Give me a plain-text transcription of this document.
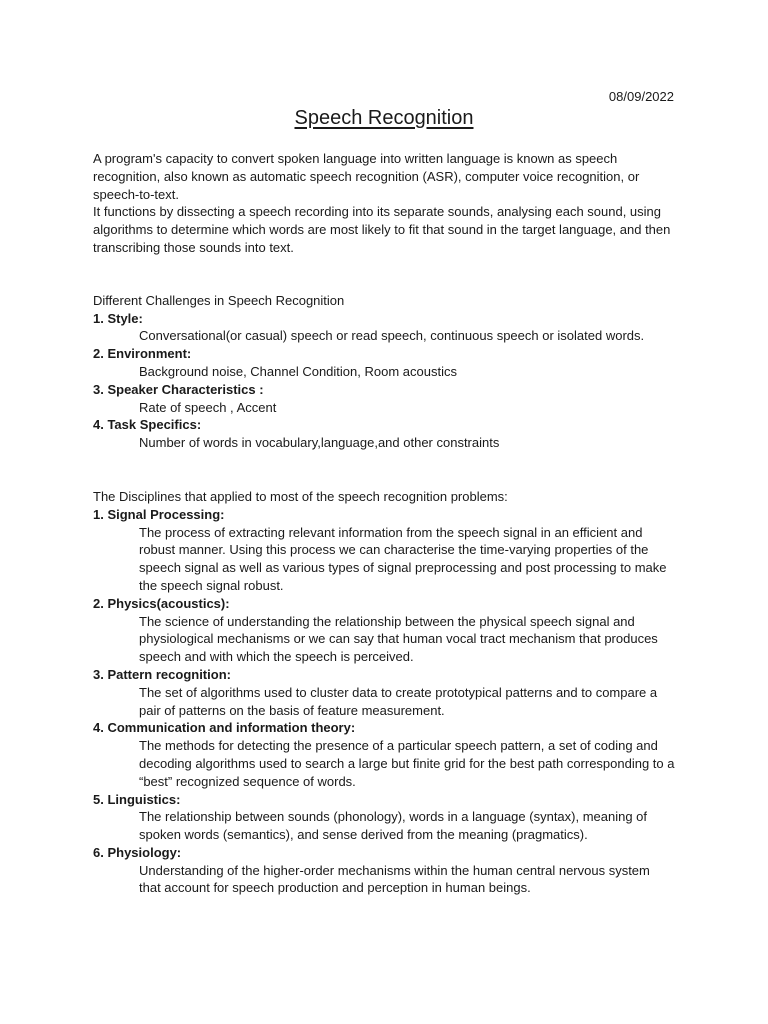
08/09/2022
Speech Recognition

A program's capacity to convert spoken language into written language is known as speech recognition, also known as automatic speech recognition (ASR), computer voice recognition, or speech-to-text.

It functions by dissecting a speech recording into its separate sounds, analysing each sound, using algorithms to determine which words are most likely to fit that sound in the target language, and then transcribing those sounds into text.

Different Challenges in Speech Recognition

1. Style:

Conversational(or casual) speech or read speech, continuous speech or isolated words.

2. Environment:

Background noise, Channel Condition, Room acoustics

3. Speaker Characteristics :

Rate of speech , Accent

4. Task Specifics:

Number of words in vocabulary,language,and other constraints

The Disciplines that applied to most of the speech recognition problems:

1. Signal Processing:

The process of extracting relevant information from the speech signal in an efficient and robust manner. Using this process we can characterise the time-varying properties of the speech signal as well as various types of signal preprocessing and post processing to make the speech signal robust.

2. Physics(acoustics):

The science of understanding the relationship between the physical speech signal and physiological mechanisms or we can say that human vocal tract mechanism that produces speech and with which the speech is perceived.

3. Pattern recognition:

The set of algorithms used to cluster data to create prototypical patterns and to compare a pair of patterns on the basis of feature measurement.

4. Communication and information theory:

The methods for detecting the presence of a particular speech pattern, a set of coding and decoding algorithms used to search a large but finite grid for the best path corresponding to a “best” recognized sequence of words.

5. Linguistics:

The relationship between sounds (phonology), words in a language (syntax), meaning of spoken words (semantics), and sense derived from the meaning (pragmatics).

6. Physiology:

Understanding of the higher-order mechanisms within the human central nervous system that account for speech production and perception in human beings.
